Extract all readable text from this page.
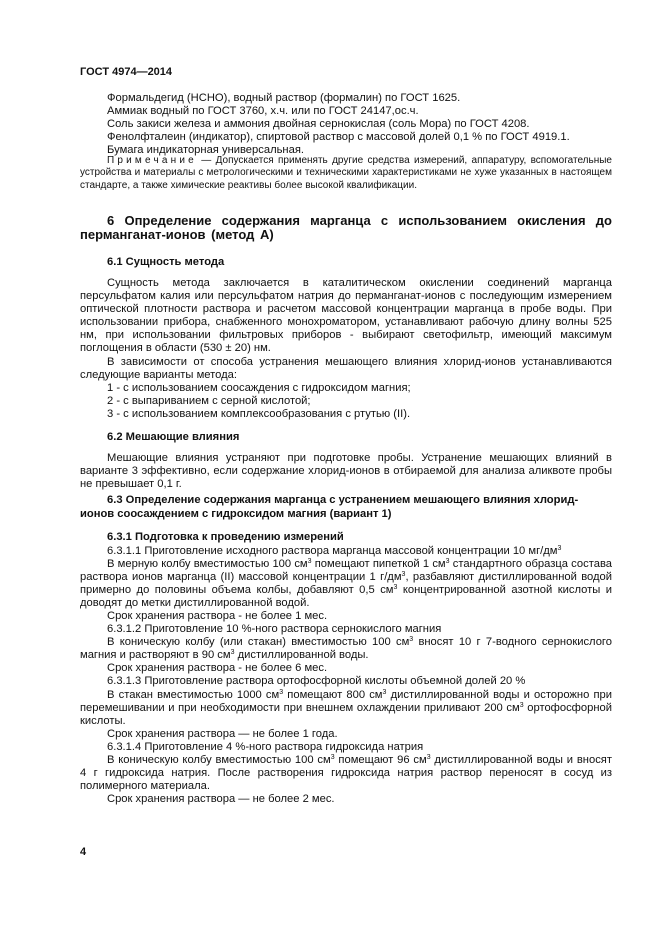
ГОСТ 4974—2014

Формальдегид (НСНО), водный раствор (формалин) по ГОСТ 1625.

Аммиак водный по ГОСТ 3760, х.ч. или по ГОСТ 24147,ос.ч.

Соль закиси железа и аммония двойная сернокислая (соль Мора) по ГОСТ 4208.

Фенолфталеин (индикатор), спиртовой раствор с массовой долей 0,1 % по ГОСТ 4919.1.

Бумага индикаторная универсальная.

Примечание — Допускается применять другие средства измерений, аппаратуру, вспомогательные устройства и материалы с метрологическими и техническими характеристиками не хуже указанных в настоящем стандарте, а также химические реактивы более высокой квалификации.

6 Определение содержания марганца с использованием окисления до перманганат-ионов (метод А)

6.1 Сущность метода

Сущность метода заключается в каталитическом окислении соединений марганца персульфатом калия или персульфатом натрия до перманганат-ионов с последующим измерением оптической плотности раствора и расчетом массовой концентрации марганца в пробе воды. При использовании прибора, снабженного монохроматором, устанавливают рабочую длину волны 525 нм, при использовании фильтровых приборов - выбирают светофильтр, имеющий максимум поглощения в области (530 ± 20) нм.

В зависимости от способа устранения мешающего влияния хлорид-ионов устанавливаются следующие варианты метода:

1 - с использованием соосаждения с гидроксидом магния;

2 - с выпариванием с серной кислотой;

3 - с использованием комплексообразования с ртутью (II).

6.2 Мешающие влияния

Мешающие влияния устраняют при подготовке пробы. Устранение мешающих влияний в варианте 3 эффективно, если содержание хлорид-ионов в отбираемой для анализа аликвоте пробы не превышает 0,1 г.

6.3 Определение содержания марганца с устранением мешающего влияния хлорид-ионов соосаждением с гидроксидом магния (вариант 1)

6.3.1 Подготовка к проведению измерений

6.3.1.1 Приготовление исходного раствора марганца массовой концентрации 10 $мг/дм^3$

В мерную колбу вместимостью 100 $см^3$ помещают пипеткой 1 $см^3$ стандартного образца состава раствора ионов марганца (II) массовой концентрации 1 $г/дм^3$, разбавляют дистиллированной водой примерно до половины объема колбы, добавляют 0,5 $см^3$ концентрированной азотной кислоты и доводят до метки дистиллированной водой.

Срок хранения раствора - не более 1 мес.

6.3.1.2 Приготовление 10 %-ного раствора сернокислого магния

В коническую колбу (или стакан) вместимостью 100 $см^3$ вносят 10 г 7-водного сернокислого магния и растворяют в 90 $см^3$ дистиллированной воды.

Срок хранения раствора - не более 6 мес.

6.3.1.3 Приготовление раствора ортофосфорной кислоты объемной долей 20 %

В стакан вместимостью 1000 $см^3$ помещают 800 $см^3$ дистиллированной воды и осторожно при перемешивании и при необходимости при внешнем охлаждении приливают 200 $см^3$ ортофосфорной кислоты.

Срок хранения раствора — не более 1 года.

6.3.1.4 Приготовление 4 %-ного раствора гидроксида натрия

В коническую колбу вместимостью 100 $см^3$ помещают 96 $см^3$ дистиллированной воды и вносят 4 г гидроксида натрия. После растворения гидроксида натрия раствор переносят в сосуд из полимерного материала.

Срок хранения раствора — не более 2 мес.

4
